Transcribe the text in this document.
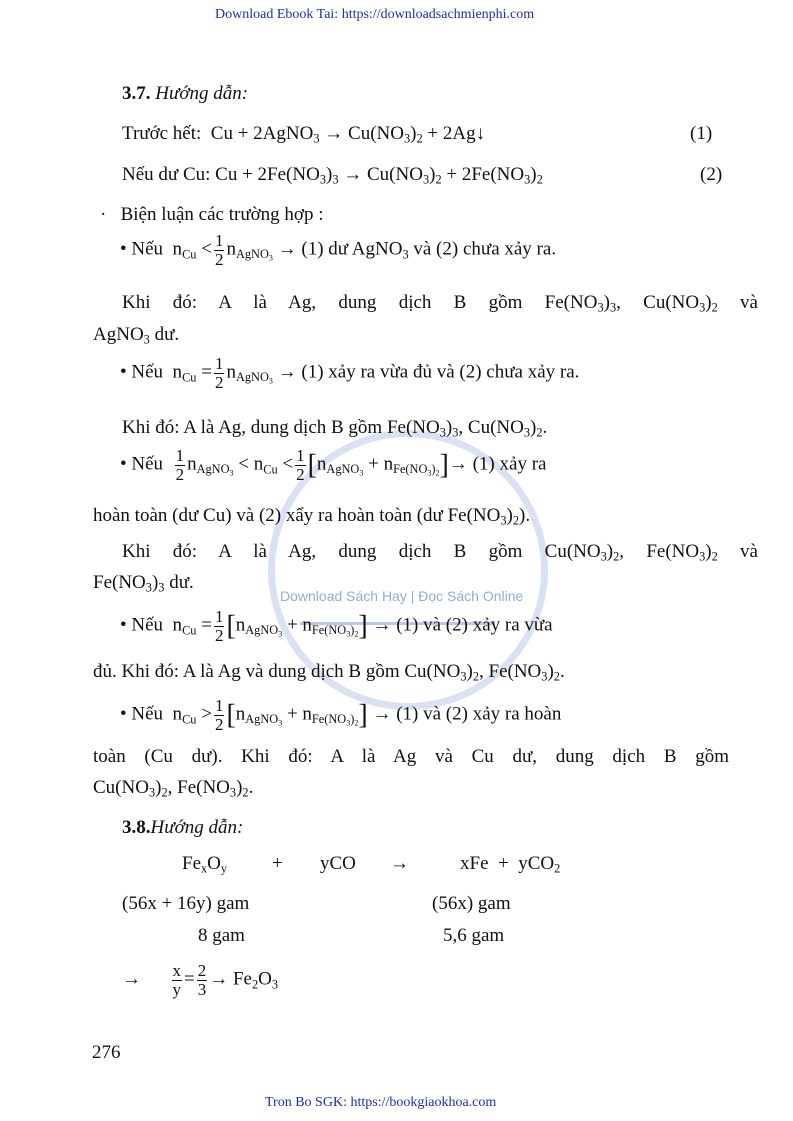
Download Ebook Tai: https://downloadsachmienphi.com
Download Sách Hay | Đọc Sách Online
3.7. Hướng dẫn:
Trước hết:  Cu + 2AgNO$_3$ → $Cu(NO_3)_2$ + 2Ag↓	(1)
Nếu dư Cu: $Cu + 2Fe(NO_3)_3 \to Cu(NO_3)_2 + 2Fe(NO_3)_2$	(2)
·   Biện luận các trường hợp :
• Nếu  $n_{Cu} < \frac{1}{2} n_{AgNO_3} \to (1)$ dư AgNO$_3$ và (2) chưa xảy ra.
Khi đó: A là Ag, dung dịch B gồm $Fe(NO_3)_3$, $Cu(NO_3)_2$ và
AgNO$_3$ dư.
• Nếu  $n_{Cu} = \frac{1}{2} n_{AgNO_3} \to (1)$ xảy ra vừa đủ và (2) chưa xảy ra.
Khi đó: A là Ag, dung dịch B gồm $Fe(NO_3)_3$, $Cu(NO_3)_2$.
• Nếu $\frac{1}{2} n_{AgNO_3} < n_{Cu} < \frac{1}{2} [n_{AgNO_3} + n_{Fe(NO_3)_2}]\to (1)$ xảy ra
hoàn toàn (dư Cu) và (2) xẩy ra hoàn toàn (dư $Fe(NO_3)_2$).
Khi đó: A là Ag, dung dịch B gồm $Cu(NO_3)_2$, $Fe(NO_3)_2$ và
$Fe(NO_3)_3$ dư.
• Nếu  $n_{Cu} = \frac{1}{2} [n_{AgNO_3} + n_{Fe(NO_3)_2}] \to (1)$ và (2) xảy ra vừa
đủ. Khi đó: A là Ag và dung dịch B gồm $Cu(NO_3)_2$, $Fe(NO_3)_2$.
• Nếu  $n_{Cu} > \frac{1}{2} [n_{AgNO_3} + n_{Fe(NO_3)_2}] \to (1)$ và (2) xảy ra hoàn
toàn (Cu dư). Khi đó: A là Ag và Cu dư, dung dịch B gồm
$Cu(NO_3)_2$, $Fe(NO_3)_2$.
3.8.Hướng dẫn:
$Fe_xO_y$ + yCO →	xFe  +  yCO$_2$
(56x + 16y) gam	(56x) gam
8 gam	5,6 gam
→ $\frac{x}{y} = \frac{2}{3} \to Fe_2O_3$
276
Tron Bo SGK: https://bookgiaokhoa.com
